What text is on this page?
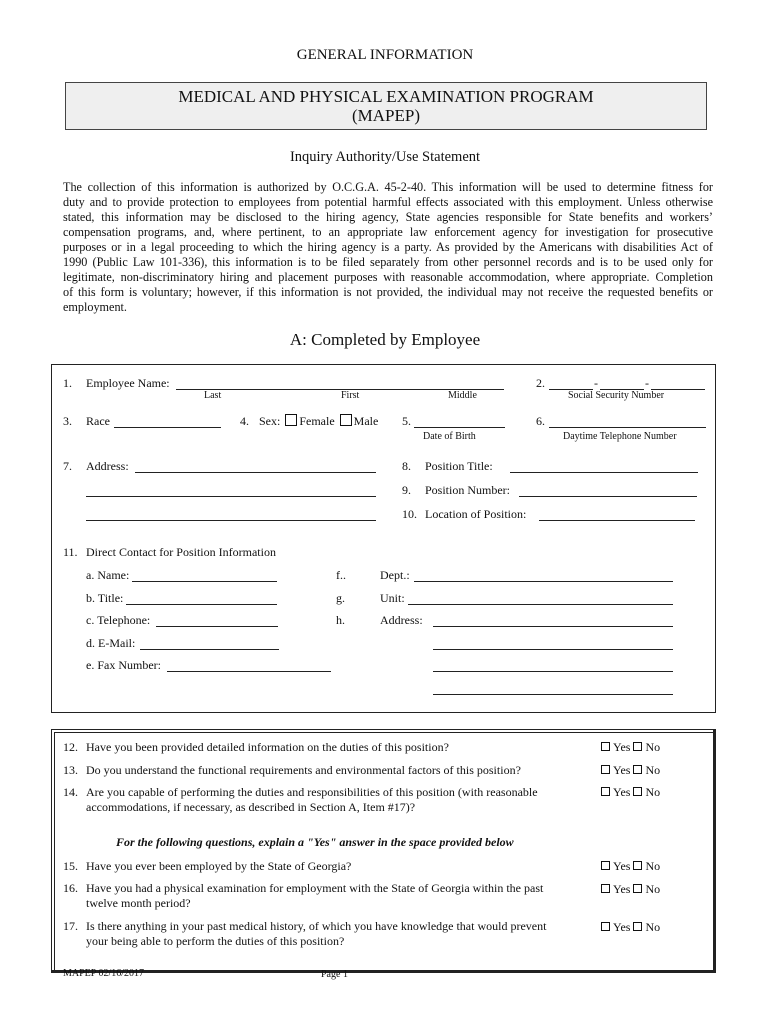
GENERAL INFORMATION
MEDICAL AND PHYSICAL EXAMINATION PROGRAM
(MAPEP)
Inquiry Authority/Use Statement
The collection of this information is authorized by O.C.G.A. 45-2-40. This information will be used to determine fitness for
duty and to provide protection to employees from potential harmful effects associated with this employment. Unless otherwise
stated, this information may be disclosed to the hiring agency, State agencies responsible for State benefits and workers’
compensation programs, and, where pertinent, to an appropriate law enforcement agency for investigation for prosecutive
purposes or in a legal proceeding to which the hiring agency is a party. As provided by the Americans with disabilities Act of
1990 (Public Law 101-336), this information is to be filed separately from other personnel records and is to be used only for
legitimate, non-discriminatory hiring and placement purposes with reasonable accommodation, where appropriate. Completion
of this form is voluntary; however, if this information is not provided, the individual may not receive the requested benefits or
employment.
A: Completed by Employee
1. Employee Name:
Last	First	Middle
2.	-	-
Social Security Number
3. Race	4. Sex: Female Male 5.
Date of Birth
6.
Daytime Telephone Number
7. Address:	8. Position Title:
9. Position Number:
10. Location of Position:
11. Direct Contact for Position Information
a. Name:
b. Title:
c. Telephone:
d. E-Mail:
e. Fax Number:
f..	Dept.:
g.	Unit:
h.	Address:
12. Have you been provided detailed information on the duties of this position?	Yes No
13. Do you understand the functional requirements and environmental factors of this position?	Yes No
14. Are you capable of performing the duties and responsibilities of this position (with reasonable
accommodations, if necessary, as described in Section A, Item #17)?
Yes No
For the following questions, explain a "Yes" answer in the space provided below
15. Have you ever been employed by the State of Georgia?	Yes No
16. Have you had a physical examination for employment with the State of Georgia within the past
twelve month period?
Yes No
17. Is there anything in your past medical history, of which you have knowledge that would prevent
your being able to perform the duties of this position?
Yes No
MAPEP 02/16/2017	Page 1
